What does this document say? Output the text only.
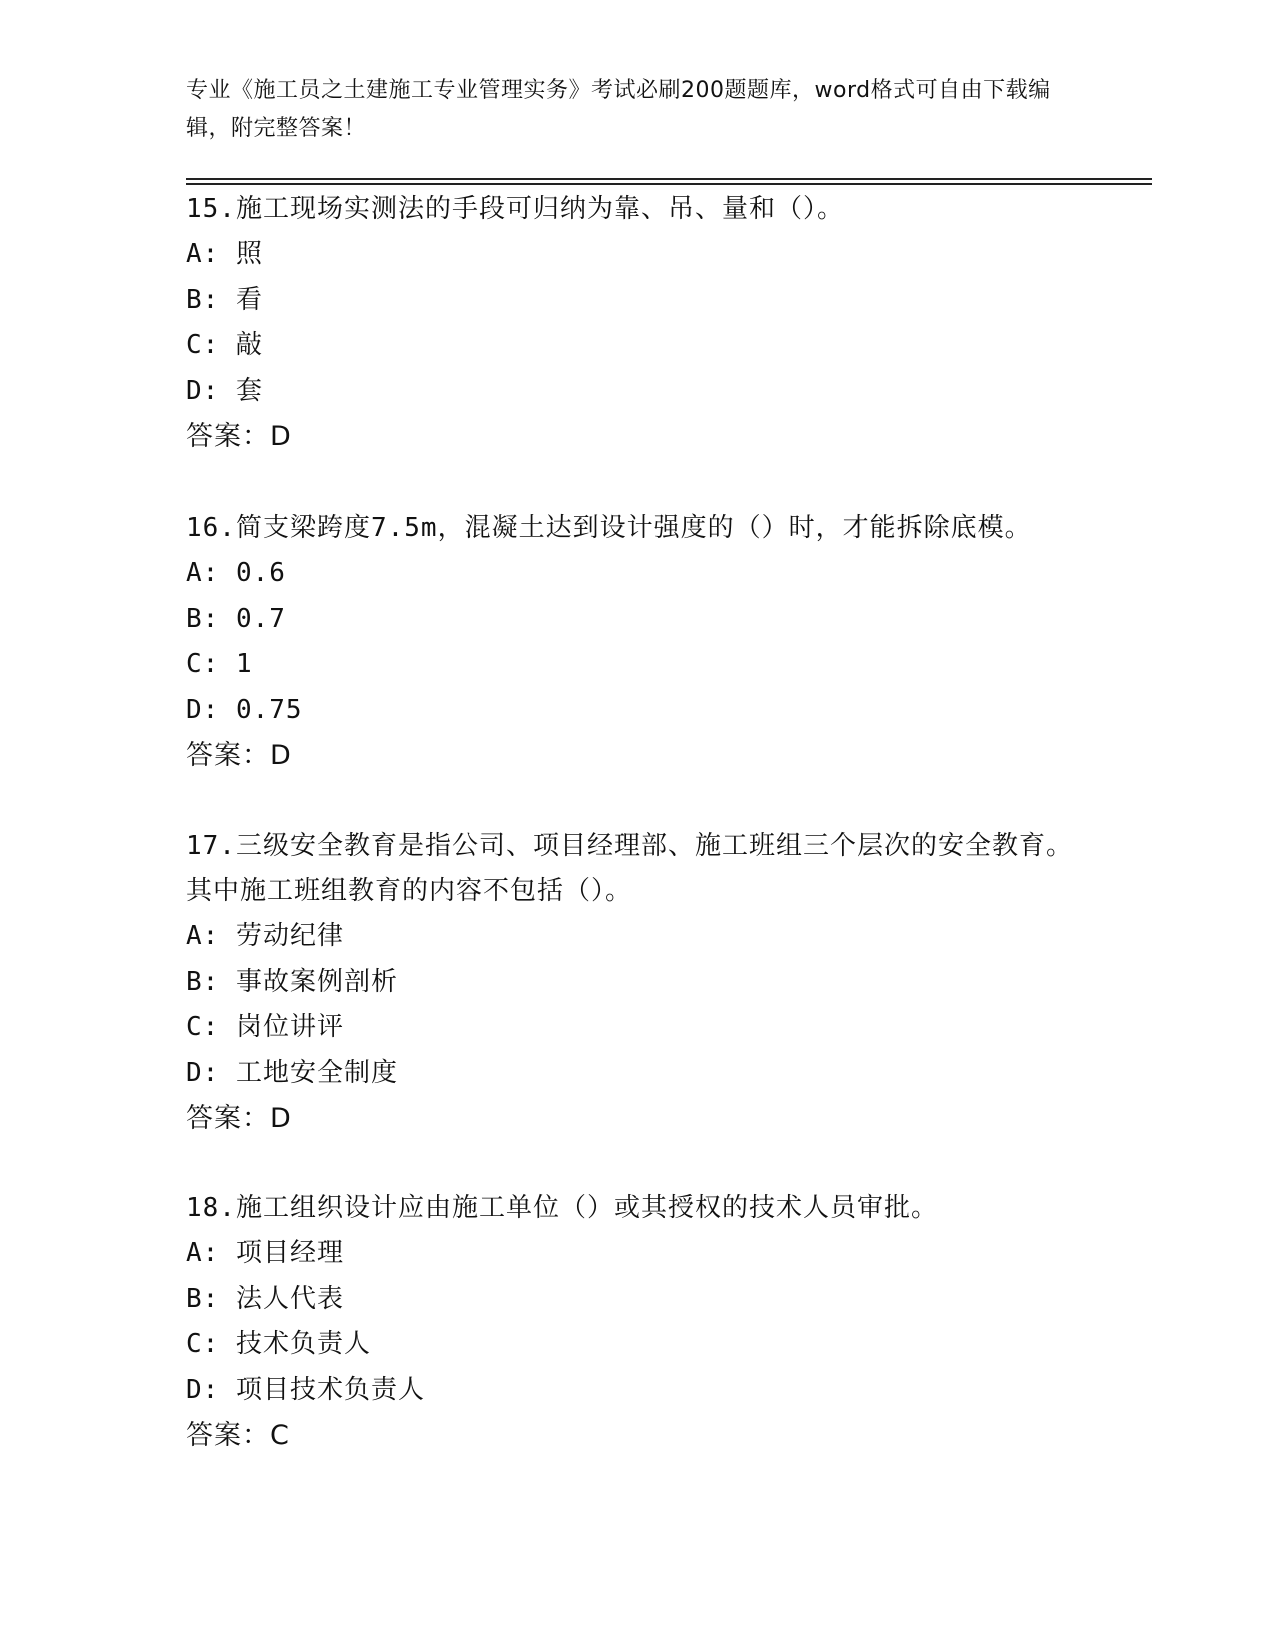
专业《施工员之土建施工专业管理实务》考试必刷200题题库，word格式可自由下载编辑，附完整答案！
15.施工现场实测法的手段可归纳为靠、吊、量和（）。
A: 照
B: 看
C: 敲
D: 套
答案：D
16.简支梁跨度7.5m，混凝土达到设计强度的（）时，才能拆除底模。
A: 0.6
B: 0.7
C: 1
D: 0.75
答案：D
17.三级安全教育是指公司、项目经理部、施工班组三个层次的安全教育。其中施工班组教育的内容不包括（）。
A: 劳动纪律
B: 事故案例剖析
C: 岗位讲评
D: 工地安全制度
答案：D
18.施工组织设计应由施工单位（）或其授权的技术人员审批。
A: 项目经理
B: 法人代表
C: 技术负责人
D: 项目技术负责人
答案：C
